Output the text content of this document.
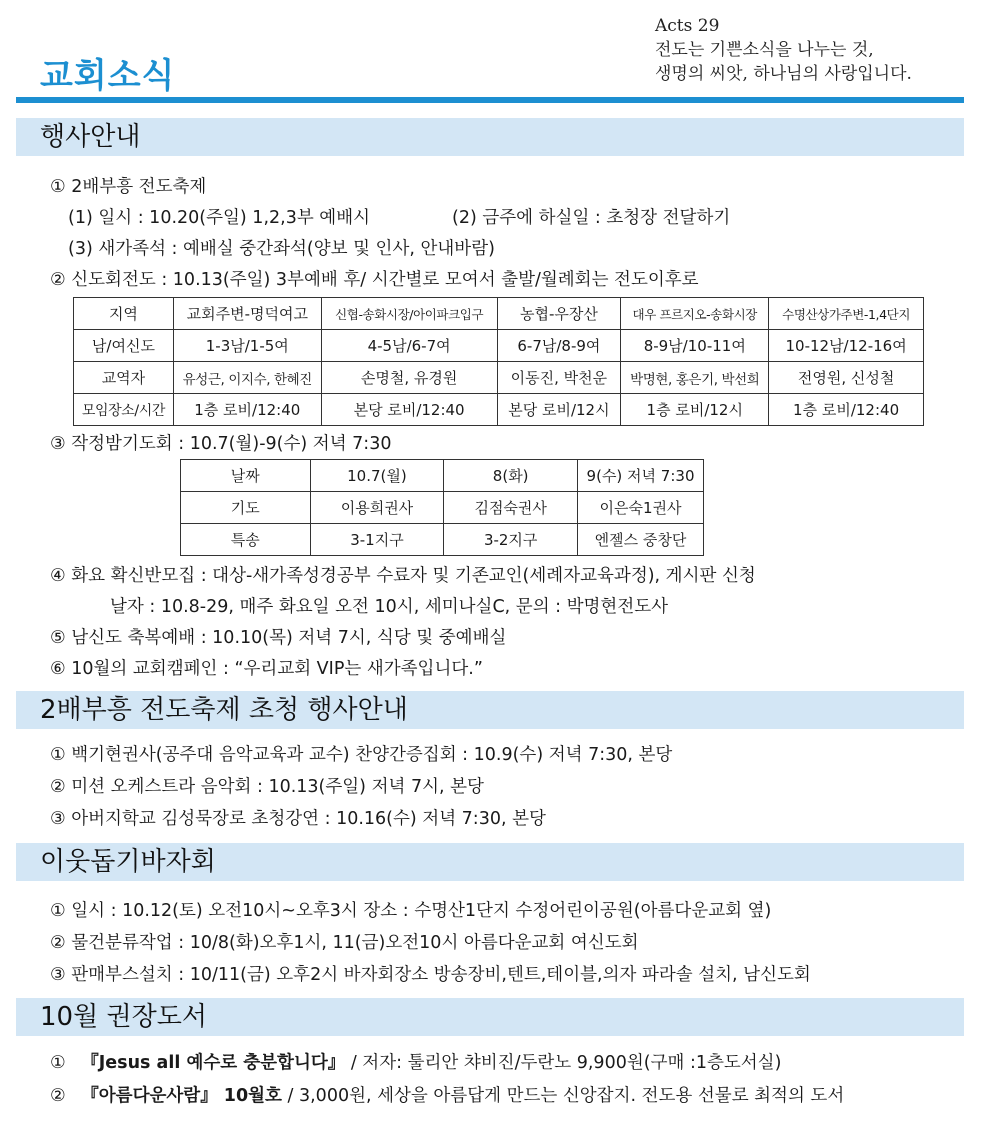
교회소식
Acts 29
전도는 기쁜소식을 나누는 것,
생명의 씨앗, 하나님의 사랑입니다.
행사안내
① 2배부흥 전도축제
(1) 일시 : 10.20(주일) 1,2,3부 예배시	(2) 금주에 하실일 : 초청장 전달하기
(3) 새가족석 : 예배실 중간좌석(양보 및 인사, 안내바람)
② 신도회전도 : 10.13(주일) 3부예배 후/ 시간별로 모여서 출발/월례회는 전도이후로
지역	교회주변-명덕여고	신협-송화시장/아이파크입구	농협-우장산	대우 프르지오-송화시장	수명산상가주변-1,4단지
남/여신도	1-3남/1-5여	4-5남/6-7여	6-7남/8-9여	8-9남/10-11여	10-12남/12-16여
교역자	유성근, 이지수, 한혜진	손명철, 유경원	이동진, 박천운	박명현, 홍은기, 박선희	전영원, 신성철
모임장소/시간	1층 로비/12:40	본당 로비/12:40	본당 로비/12시	1층 로비/12시	1층 로비/12:40
③ 작정밤기도회 : 10.7(월)-9(수) 저녁 7:30
날짜	10.7(월)	8(화)	9(수) 저녁 7:30
기도	이용희권사	김점숙권사	이은숙1권사
특송	3-1지구	3-2지구	엔젤스 중창단
④ 화요 확신반모집 : 대상-새가족성경공부 수료자 및 기존교인(세례자교육과정), 게시판 신청
날자 : 10.8-29, 매주 화요일 오전 10시, 세미나실C, 문의 : 박명현전도사
⑤ 남신도 축복예배 : 10.10(목) 저녁 7시, 식당 및 중예배실
⑥ 10월의 교회캠페인 : “우리교회 VIP는 새가족입니다.”
2배부흥 전도축제 초청 행사안내
① 백기현권사(공주대 음악교육과 교수) 찬양간증집회 : 10.9(수) 저녁 7:30, 본당
② 미션 오케스트라 음악회 : 10.13(주일) 저녁 7시, 본당
③ 아버지학교 김성묵장로 초청강연 : 10.16(수) 저녁 7:30, 본당
이웃돕기바자회
① 일시 : 10.12(토) 오전10시~오후3시 장소 : 수명산1단지 수정어린이공원(아름다운교회 옆)
② 물건분류작업 : 10/8(화)오후1시, 11(금)오전10시 아름다운교회 여신도회
③ 판매부스설치 : 10/11(금) 오후2시 바자회장소 방송장비,텐트,테이블,의자 파라솔 설치, 남신도회
10월 권장도서
① 『Jesus all 예수로 충분합니다』 / 저자: 툴리안 챠비진/두란노 9,900원(구매 :1층도서실)
② 『아름다운사람』 10월호 / 3,000원, 세상을 아름답게 만드는 신앙잡지. 전도용 선물로 최적의 도서
